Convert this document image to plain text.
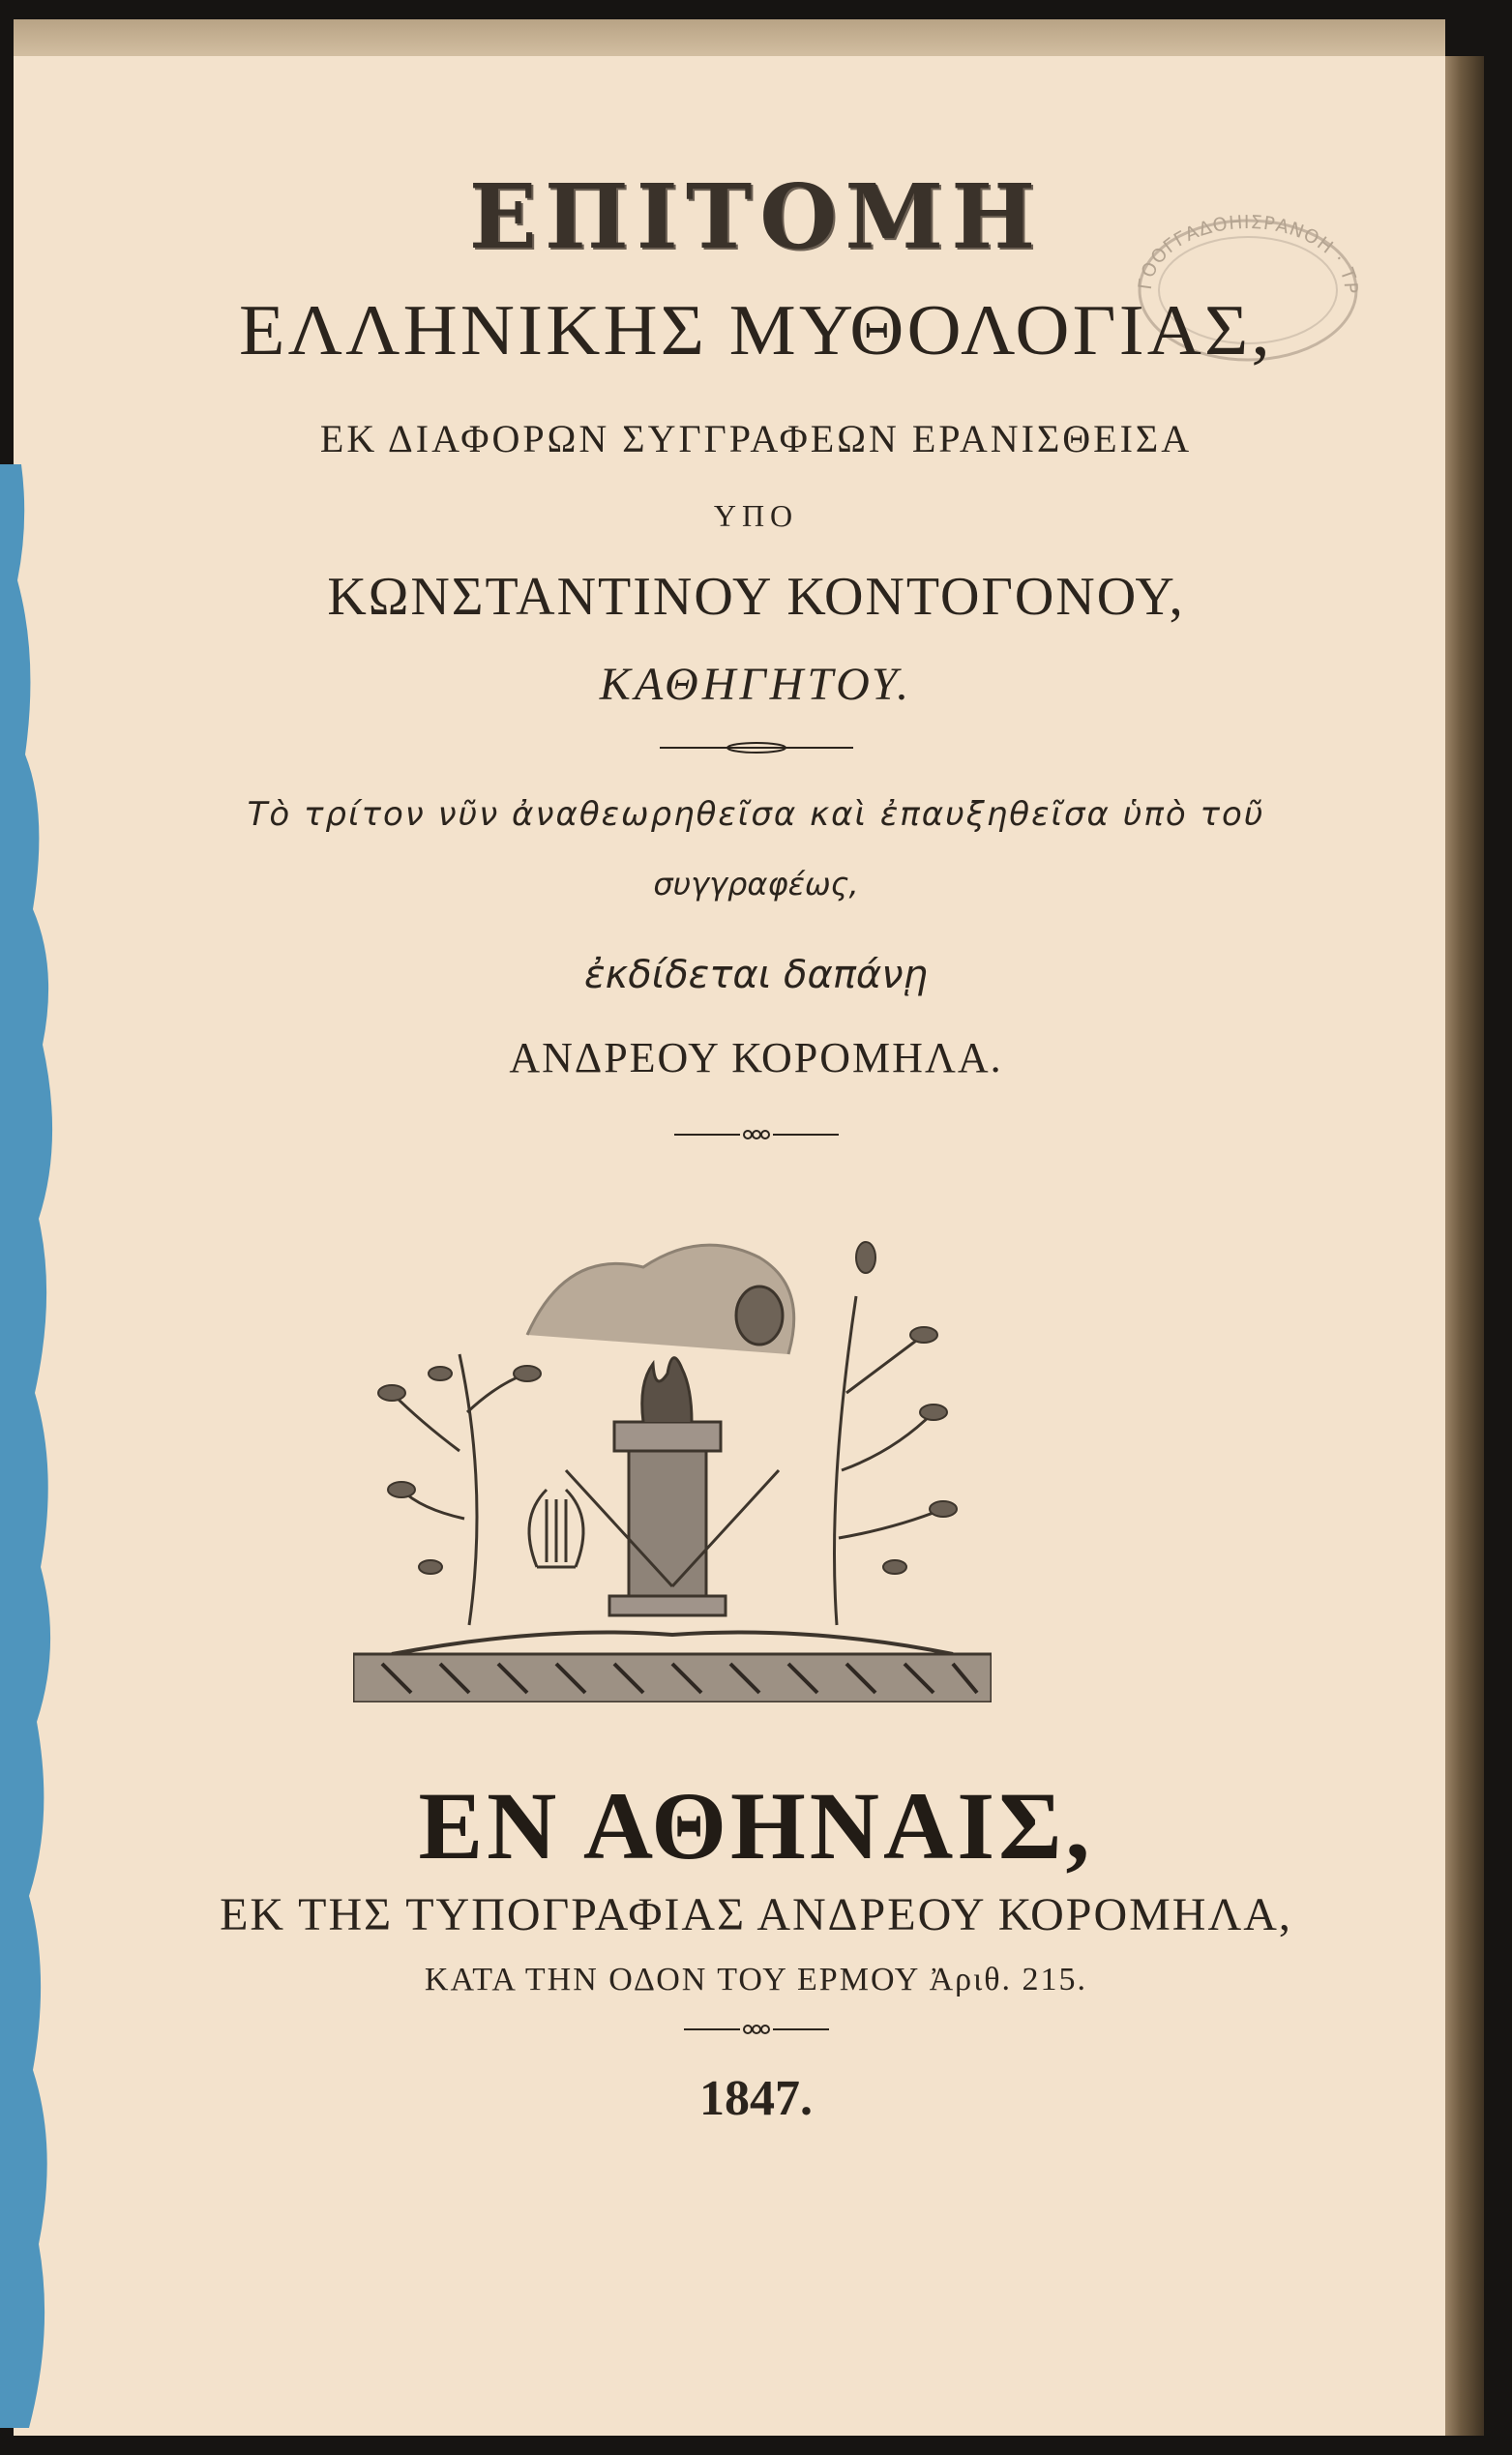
ΓΟΟΓΓΑΔΟΗΙΣΡΑΝΟΗ · ΤΡ
ΕΠΙΤΟΜΗ
ΕΛΛΗΝΙΚΗΣ ΜΥΘΟΛΟΓΙΑΣ,
ΕΚ ΔΙΑΦΟΡΩΝ ΣΥΓΓΡΑΦΕΩΝ ΕΡΑΝΙΣΘΕΙΣΑ
ΥΠΟ
ΚΩΝΣΤΑΝΤΙΝΟΥ ΚΟΝΤΟΓΟΝΟΥ,
ΚΑΘΗΓΗΤΟΥ.
Τὸ τρίτον νῦν ἀναθεωρηθεῖσα καὶ ἐπαυξηθεῖσα ὑπὸ τοῦ
συγγραφέως,
ἐκδίδεται δαπάνῃ
ΑΝΔΡΕΟΥ ΚΟΡΟΜΗΛΑ.
ΕΝ ΑΘΗΝΑΙΣ,
ΕΚ ΤΗΣ ΤΥΠΟΓΡΑΦΙΑΣ ΑΝΔΡΕΟΥ ΚΟΡΟΜΗΛΑ,
ΚΑΤΑ ΤΗΝ ΟΔΟΝ ΤΟΥ ΕΡΜΟΥ Ἀριθ. 215.
1847.
